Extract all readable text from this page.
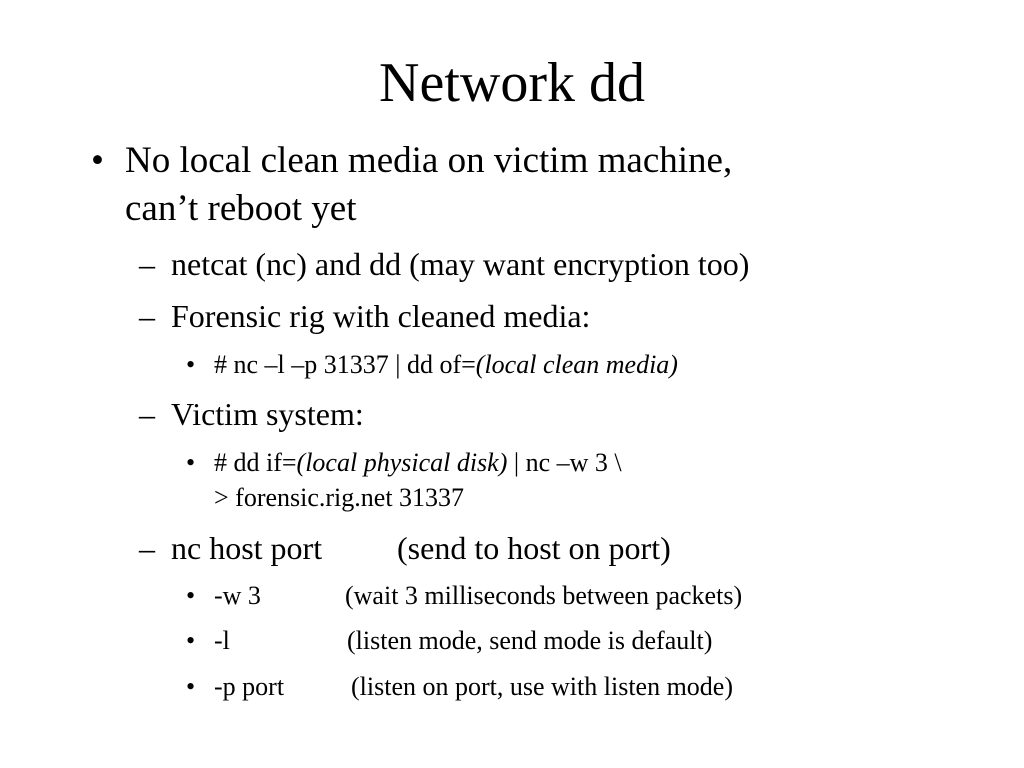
Network dd
• No local clean media on victim machine,
can’t reboot yet
– netcat (nc) and dd (may want encryption too)
– Forensic rig with cleaned media:
• # nc –l –p 31337 | dd of=(local clean media)
– Victim system:
• # dd if=(local physical disk) | nc –w 3 \
> forensic.rig.net 31337
– nc host port (send to host on port)
• -w 3	(wait 3 milliseconds between packets)
• -l	(listen mode, send mode is default)
• -p port	(listen on port, use with listen mode)
